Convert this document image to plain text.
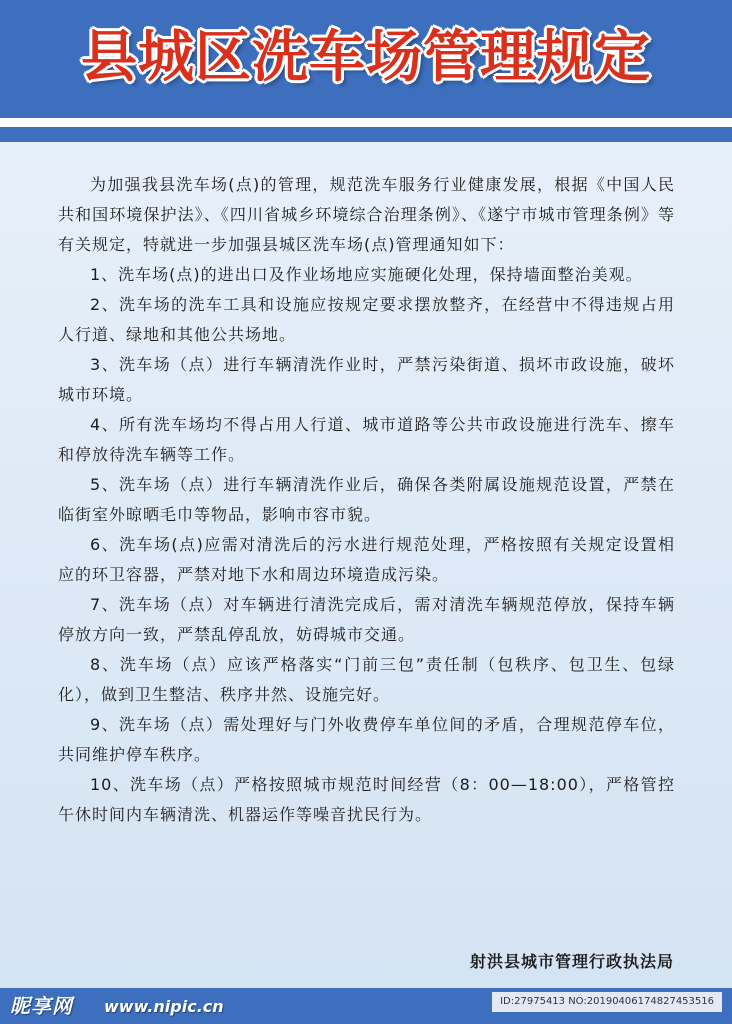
县城区洗车场管理规定

为加强我县洗车场(点)的管理，规范洗车服务行业健康发展，根据《中国人民共和国环境保护法》、《四川省城乡环境综合治理条例》、《遂宁市城市管理条例》等有关规定，特就进一步加强县城区洗车场(点)管理通知如下：

1、洗车场(点)的进出口及作业场地应实施硬化处理，保持墙面整治美观。

2、洗车场的洗车工具和设施应按规定要求摆放整齐，在经营中不得违规占用人行道、绿地和其他公共场地。

3、洗车场（点）进行车辆清洗作业时，严禁污染街道、损坏市政设施，破坏城市环境。

4、所有洗车场均不得占用人行道、城市道路等公共市政设施进行洗车、擦车和停放待洗车辆等工作。

5、洗车场（点）进行车辆清洗作业后，确保各类附属设施规范设置，严禁在临街室外晾晒毛巾等物品，影响市容市貌。

6、洗车场(点)应需对清洗后的污水进行规范处理，严格按照有关规定设置相应的环卫容器，严禁对地下水和周边环境造成污染。

7、洗车场（点）对车辆进行清洗完成后，需对清洗车辆规范停放，保持车辆停放方向一致，严禁乱停乱放，妨碍城市交通。

8、洗车场（点）应该严格落实“门前三包”责任制（包秩序、包卫生、包绿化），做到卫生整洁、秩序井然、设施完好。

9、洗车场（点）需处理好与门外收费停车单位间的矛盾，合理规范停车位，共同维护停车秩序。

10、洗车场（点）严格按照城市规范时间经营（8：00—18:00），严格管控午休时间内车辆清洗、机器运作等噪音扰民行为。

射洪县城市管理行政执法局
昵享网 www.nipic.cn	ID:27975413 NO:20190406174827453516
